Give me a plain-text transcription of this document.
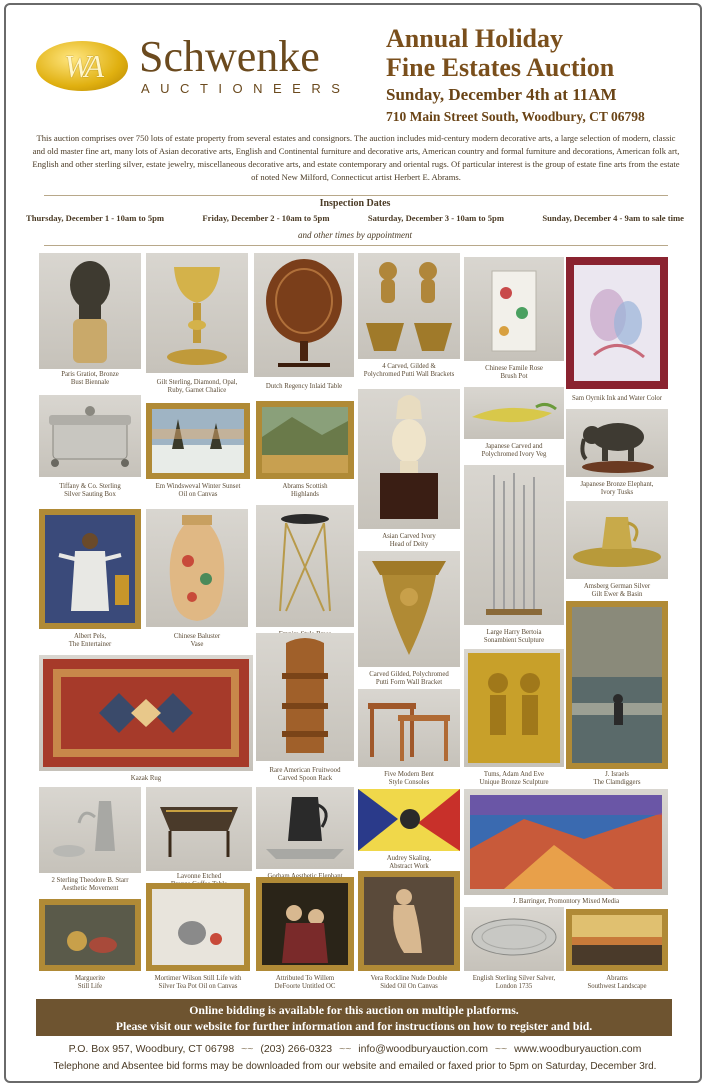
WA Schwenke
AUCTIONEERS
Annual Holiday
Fine Estates Auction
Sunday, December 4th at 11AM
710 Main Street South, Woodbury, CT 06798
This auction comprises over 750 lots of estate property from several estates and consignors. The auction includes mid-century modern decorative arts, a large selection of modern, classic and old master fine art, many lots of Asian decorative arts, English and Continental furniture and decorative arts, American country and formal furniture and decorations, American folk art, English and other sterling silver, estate jewelry, miscellaneous decorative arts, and estate contemporary and oriental rugs. Of particular interest is the group of estate fine arts from the estate of noted New Milford, Connecticut artist Herbert E. Abrams.
Inspection Dates
Thursday, December 1 - 10am to 5pm	Friday, December 2 - 10am to 5pm	Saturday, December 3 - 10am to 5pm	Sunday, December 4 - 9am to sale time
and other times by appointment
Paris Gratiot, Bronze
Bust Biennale	Gilt Sterling, Diamond, Opal,
Ruby, Garnet Chalice
Dutch Regency Inlaid Table
4 Carved, Gilded &
Polychromed Putti Wall Brackets
Chinese Famile Rose
Brush Pot
Sam Oyrnik Ink and Water Color
Tiffany & Co. Sterling
Silver Sauting Box
Em Windsweval Winter Sunset
Oil on Canvas
Abrams Scottish
Highlands
Japanese Carved and
Polychromed Ivory Veg
Japanese Bronze Elephant,
Ivory Tusks
Asian Carved Ivory
Head of Deity
Albert Pels,
The Entertainer
Chinese Baluster
Vase
Amsberg German Silver
Gilt Ewer & Basin
Large Harry Bertoia
Sonambient Sculpture
Carved Gilded, Polychromed
Putti Form Wall Bracket
Kazak Rug
Rare American Fruitwood
Carved Spoon Rack
Five Modern Bent
Style Consoles
Tums, Adam And Eve
Unique Bronze Sculpture
J. Israels
The Clamdiggers
2 Sterling Theodore B. Starr
Aesthetic Movement
Lavonne Etched

Audrey Skaling,
Abstract Work
J. Barringer, Promontory Mixed Media
Marguerite
Still Life
Mortimer Wilson Still Life with
Silver Tea Pot Oil on Canvas
Attributed To Willem
DeFoorte Untitled OC
Vera Rockline Nude Double
Sided Oil On Canvas
English Sterling Silver Salver,
London 1735
Abrams
Southwest Landscape
Online bidding is available for this auction on multiple platforms.
Please visit our website for further information and for instructions on how to register and bid.
P.O. Box 957, Woodbury, CT 06798 ~~ (203) 266-0323 ~~ info@woodburyauction.com ~~ www.woodburyauction.com
Telephone and Absentee bid forms may be downloaded from our website and emailed or faxed prior to 5pm on Saturday, December 3rd.
